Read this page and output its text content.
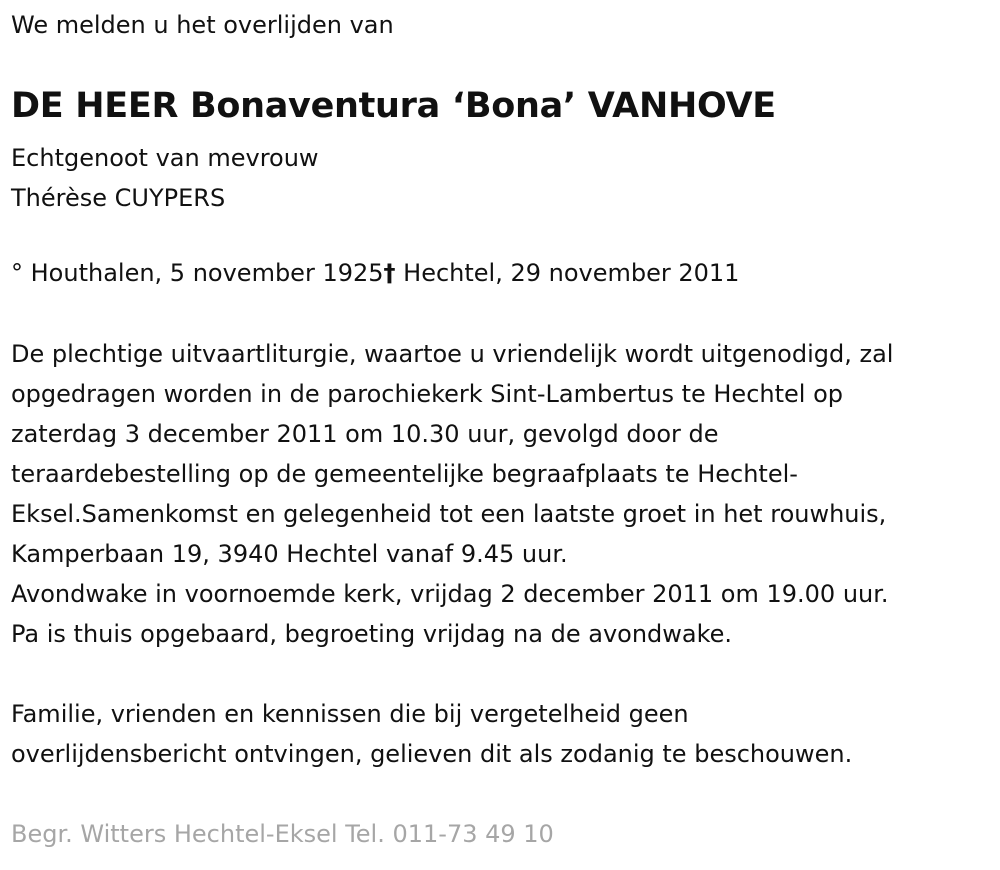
We melden u het overlijden van
DE HEER Bonaventura ‘Bona’ VANHOVE
Echtgenoot van mevrouw
Thérèse CUYPERS
° Houthalen, 5 november 1925† Hechtel, 29 november 2011
De plechtige uitvaartliturgie, waartoe u vriendelijk wordt uitgenodigd, zal
opgedragen worden in de parochiekerk Sint-Lambertus te Hechtel op
zaterdag 3 december 2011 om 10.30 uur, gevolgd door de
teraardebestelling op de gemeentelijke begraafplaats te Hechtel-
Eksel.Samenkomst en gelegenheid tot een laatste groet in het rouwhuis,
Kamperbaan 19, 3940 Hechtel vanaf 9.45 uur.
Avondwake in voornoemde kerk, vrijdag 2 december 2011 om 19.00 uur.
Pa is thuis opgebaard, begroeting vrijdag na de avondwake.
Familie, vrienden en kennissen die bij vergetelheid geen
overlijdensbericht ontvingen, gelieven dit als zodanig te beschouwen.
Begr. Witters Hechtel-Eksel Tel. 011-73 49 10
